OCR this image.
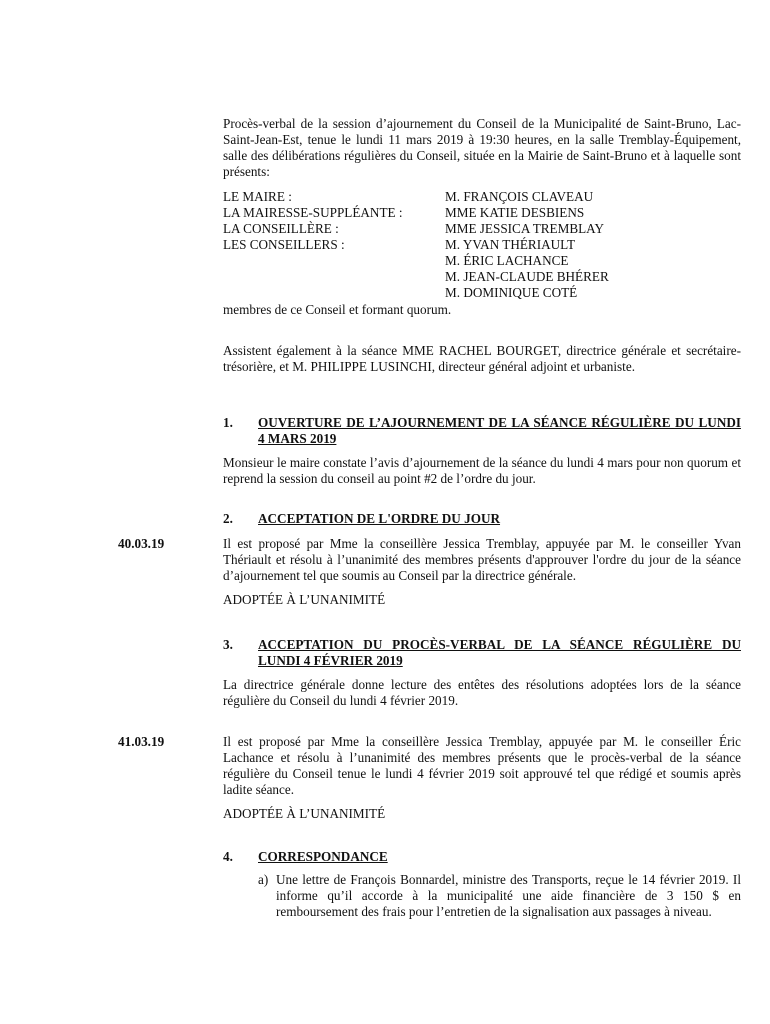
Procès-verbal de la session d’ajournement du Conseil de la Municipalité de Saint-Bruno, Lac-Saint-Jean-Est, tenue le lundi 11 mars 2019 à 19:30 heures, en la salle Tremblay-Équipement, salle des délibérations régulières du Conseil, située en la Mairie de Saint-Bruno et à laquelle sont présents:
LE MAIRE :	M. FRANÇOIS CLAVEAU
LA MAIRESSE-SUPPLÉANTE :	MME KATIE DESBIENS
LA CONSEILLÈRE :	MME JESSICA TREMBLAY
LES CONSEILLERS :	M. YVAN THÉRIAULT
M. ÉRIC LACHANCE
M. JEAN-CLAUDE BHÉRER
M. DOMINIQUE COTÉ
membres de ce Conseil et formant quorum.
Assistent également à la séance MME RACHEL BOURGET, directrice générale et secrétaire-trésorière, et M. PHILIPPE LUSINCHI, directeur général adjoint et urbaniste.
1. OUVERTURE DE L’AJOURNEMENT DE LA SÉANCE RÉGULIÈRE DU LUNDI 4 MARS 2019
Monsieur le maire constate l’avis d’ajournement de la séance du lundi 4 mars pour non quorum et reprend la session du conseil au point #2 de l’ordre du jour.
2. ACCEPTATION DE L'ORDRE DU JOUR
40.03.19	Il est proposé par Mme la conseillère Jessica Tremblay, appuyée par M. le conseiller Yvan Thériault et résolu à l’unanimité des membres présents d'approuver l'ordre du jour de la séance d’ajournement tel que soumis au Conseil par la directrice générale.
ADOPTÉE À L’UNANIMITÉ
3. ACCEPTATION DU PROCÈS-VERBAL DE LA SÉANCE RÉGULIÈRE DU LUNDI 4 FÉVRIER 2019
La directrice générale donne lecture des entêtes des résolutions adoptées lors de la séance régulière du Conseil du lundi 4 février 2019.
41.03.19	Il est proposé par Mme la conseillère Jessica Tremblay, appuyée par M. le conseiller Éric Lachance et résolu à l’unanimité des membres présents que le procès-verbal de la séance régulière du Conseil tenue le lundi 4 février 2019 soit approuvé tel que rédigé et soumis après ladite séance.
ADOPTÉE À L’UNANIMITÉ
4. CORRESPONDANCE
a) Une lettre de François Bonnardel, ministre des Transports, reçue le 14 février 2019. Il informe qu’il accorde à la municipalité une aide financière de 3 150 $ en remboursement des frais pour l’entretien de la signalisation aux passages à niveau.
